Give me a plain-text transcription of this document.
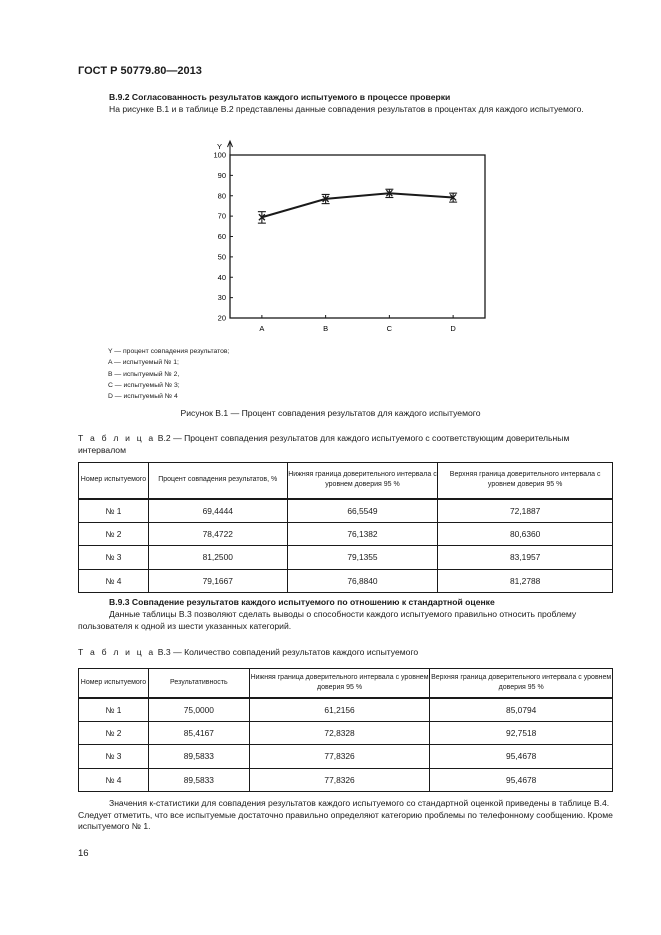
ГОСТ Р 50779.80—2013
В.9.2 Согласованность результатов каждого испытуемого в процессе проверки

На рисунке В.1 и в таблице В.2 представлены данные совпадения результатов в процентах для каждого испытуемого.

Y
100
90
80
70
60
50
40
30
20
A	B	C	D
Y — процент совпадения результатов;
A — испытуемый № 1;
B — испытуемый № 2,
C — испытуемый № 3;
D — испытуемый № 4
Рисунок В.1 — Процент совпадения результатов для каждого испытуемого
Т а б л и ц а В.2 — Процент совпадения результатов для каждого испытуемого с соответствующим доверительным интервалом
Номер испытуемого	Процент совпадения результатов, %	Нижняя граница доверительного интервала с уровнем доверия 95 %	Верхняя граница доверительного интервала с уровнем доверия 95 %
№ 1	69,4444	66,5549	72,1887
№ 2	78,4722	76,1382	80,6360
№ 3	81,2500	79,1355	83,1957
№ 4	79,1667	76,8840	81,2788
В.9.3 Совпадение результатов каждого испытуемого по отношению к стандартной оценке

Данные таблицы В.3 позволяют сделать выводы о способности каждого испытуемого правильно относить проблему пользователя к одной из шести указанных категорий.

Т а б л и ц а В.3 — Количество совпадений результатов каждого испытуемого
Номер испытуемого	Результативность	Нижняя граница доверительного интервала с уровнем доверия 95 %	Верхняя граница доверительного интервала с уровнем доверия 95 %
№ 1	75,0000	61,2156	85,0794
№ 2	85,4167	72,8328	92,7518
№ 3	89,5833	77,8326	95,4678
№ 4	89,5833	77,8326	95,4678

Значения к-статистики для совпадения результатов каждого испытуемого со стандартной оценкой приведены в таблице В.4. Следует отметить, что все испытуемые достаточно правильно определяют категорию проблемы по телефонному сообщению. Кроме испытуемого № 1.

16
